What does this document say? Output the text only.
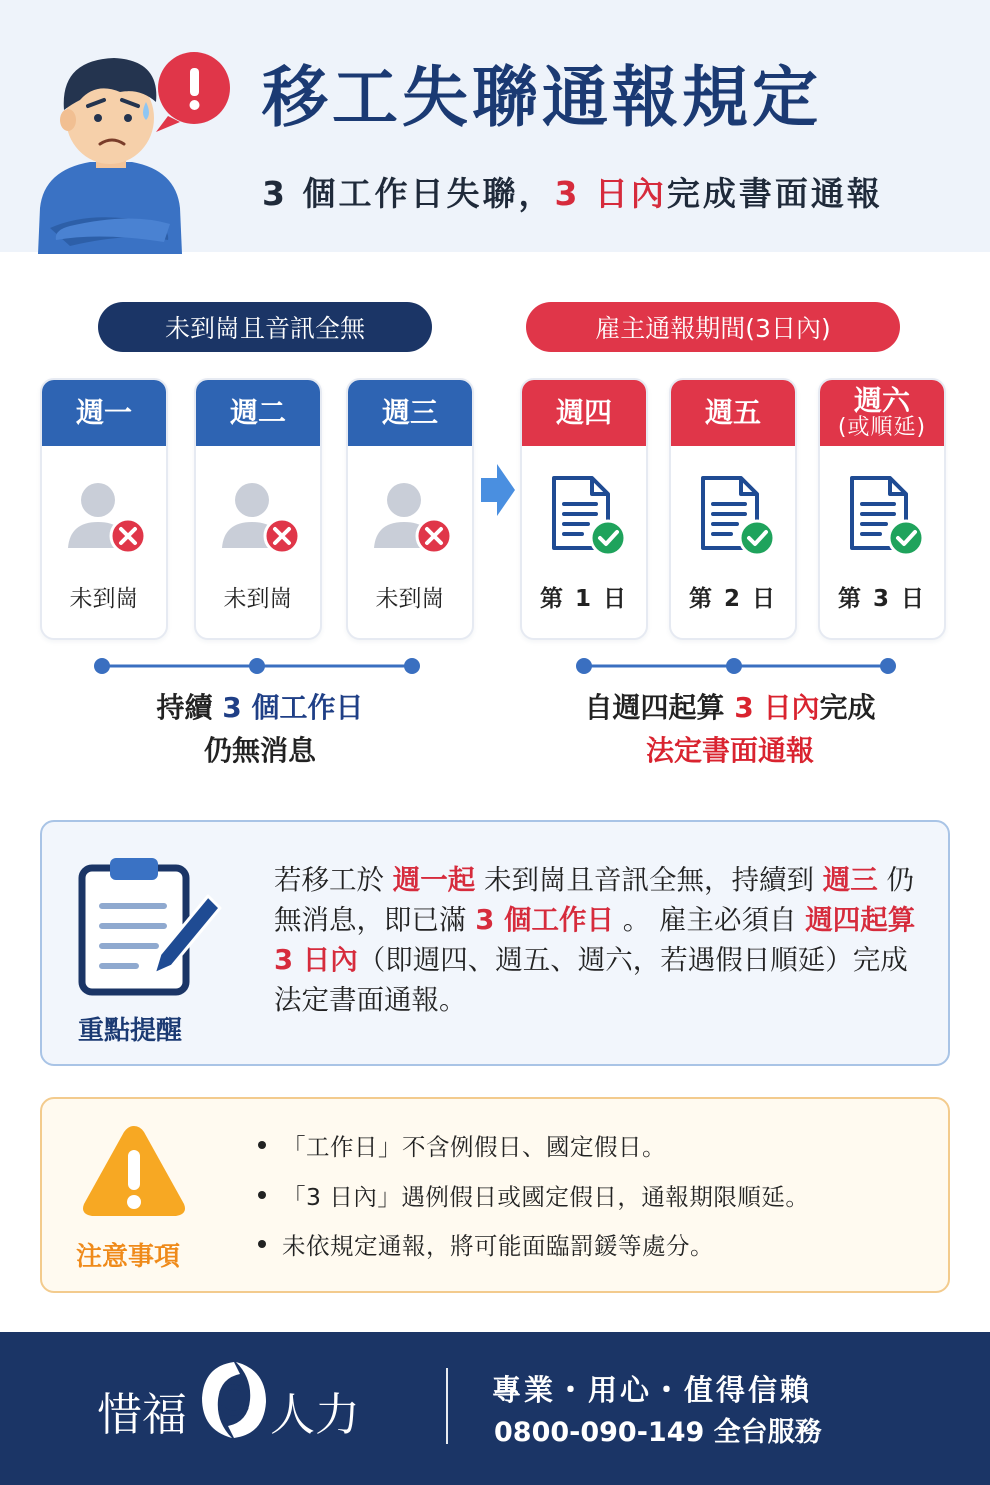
移工失聯通報規定
3 個工作日失聯，3 日內完成書面通報
未到崗且音訊全無	雇主通報期間(3日內)
週一
未到崗
週二
未到崗
週三
未到崗
週四
第 1 日
週五
第 2 日
週六
(或順延)
第 3 日
持續 3 個工作日
仍無消息
自週四起算 3 日內完成
法定書面通報
重點提醒
若移工於 週一起 未到崗且音訊全無，持續到 週三 仍無消息，即已滿 3 個工作日 。 雇主必須自 週四起算 3 日內（即週四、週五、週六，若遇假日順延）完成法定書面通報。
注意事項
「工作日」不含例假日、國定假日。
「3 日內」遇例假日或國定假日，通報期限順延。
未依規定通報，將可能面臨罰鍰等處分。
惜福 人力	專業・用心・值得信賴
0800-090-149 全台服務
